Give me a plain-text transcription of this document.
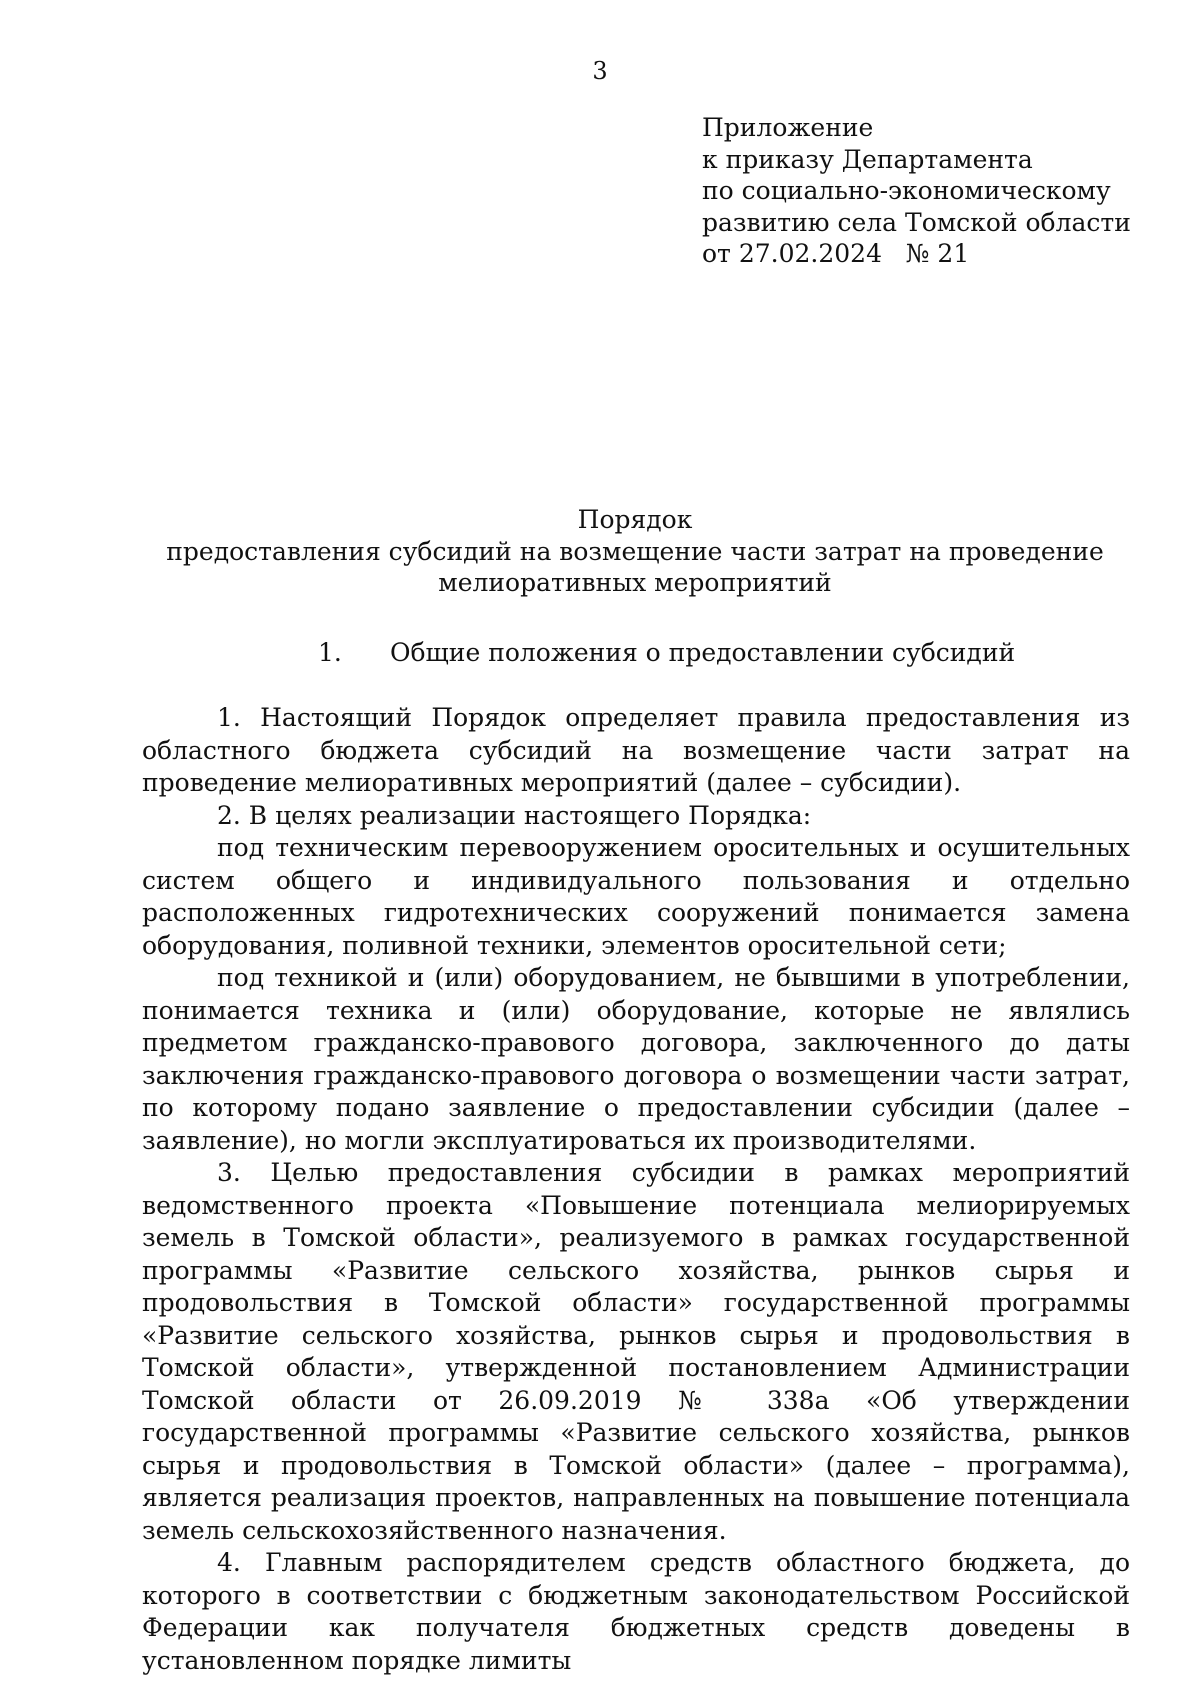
3
Приложение
к приказу Департамента
по социально-экономическому
развитию села Томской области
от 27.02.2024   № 21
Порядок
предоставления субсидий на возмещение части затрат на проведение
мелиоративных мероприятий
1. Общие положения о предоставлении субсидий

1. Настоящий Порядок определяет правила предоставления из областного бюджета субсидий на возмещение части затрат на проведение мелиоративных мероприятий (далее – субсидии).

2. В целях реализации настоящего Порядка:

под техническим перевооружением оросительных и осушительных систем общего и индивидуального пользования и отдельно расположенных гидротехнических сооружений понимается замена оборудования, поливной техники, элементов оросительной сети;

под техникой и (или) оборудованием, не бывшими в употреблении, понимается техника и (или) оборудование, которые не являлись предметом гражданско-правового договора, заключенного до даты заключения гражданско-правового договора о возмещении части затрат, по которому подано заявление о предоставлении субсидии (далее – заявление), но могли эксплуатироваться их производителями.

3. Целью предоставления субсидии в рамках мероприятий ведомственного проекта «Повышение потенциала мелиорируемых земель в Томской области», реализуемого в рамках государственной программы «Развитие сельского хозяйства, рынков сырья и продовольствия в Томской области» государственной программы «Развитие сельского хозяйства, рынков сырья и продовольствия в Томской области», утвержденной постановлением Администрации Томской области от 26.09.2019 № 338а «Об утверждении государственной программы «Развитие сельского хозяйства, рынков сырья и продовольствия в Томской области» (далее – программа), является реализация проектов, направленных на повышение потенциала земель сельскохозяйственного назначения.

4. Главным распорядителем средств областного бюджета, до которого в соответствии с бюджетным законодательством Российской Федерации как получателя бюджетных средств доведены в установленном порядке лимиты
